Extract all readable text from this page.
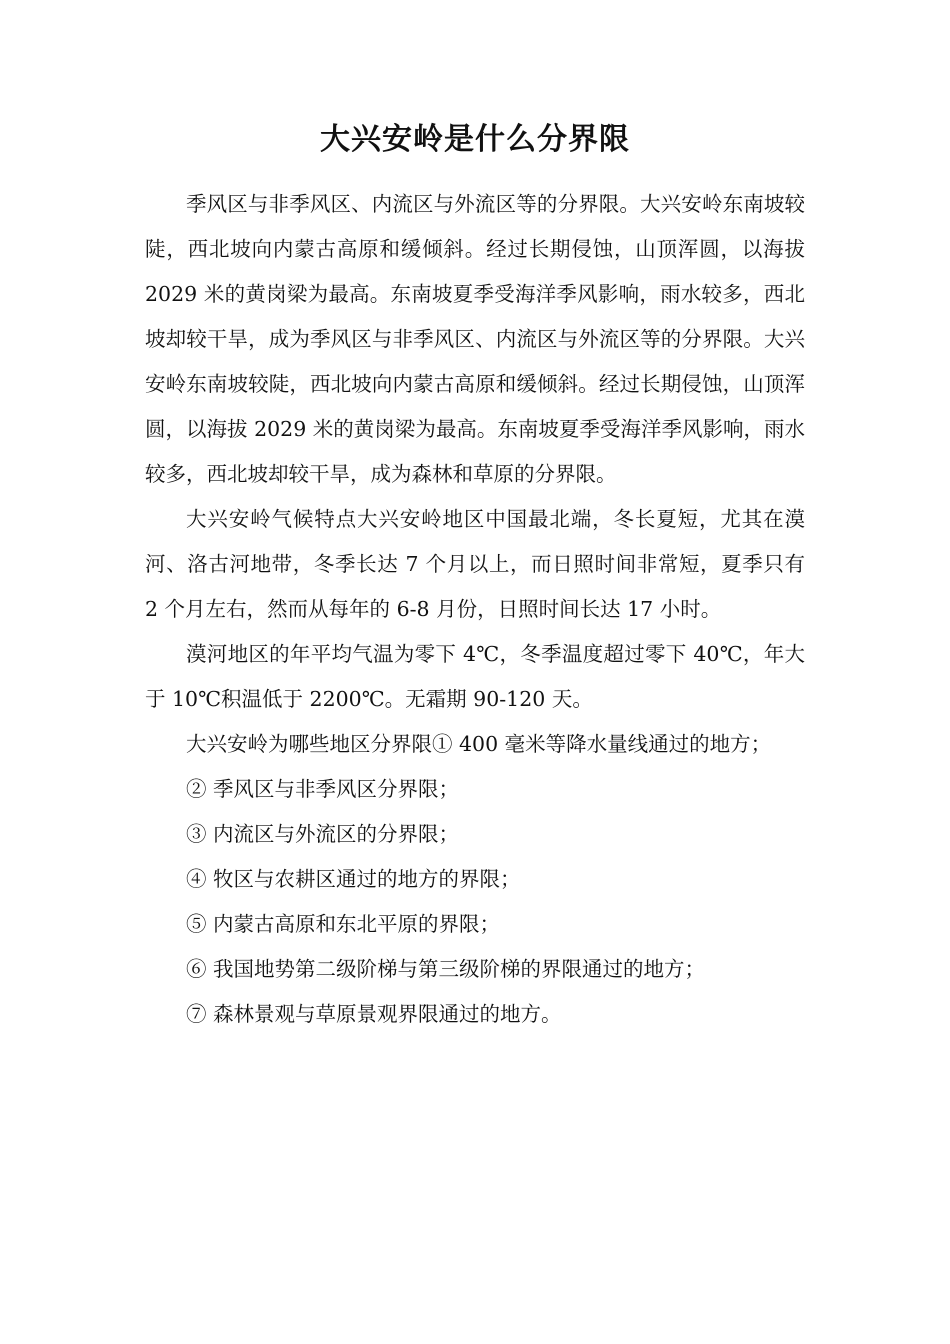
大兴安岭是什么分界限

季风区与非季风区、内流区与外流区等的分界限。大兴安岭东南坡较陡，西北坡向内蒙古高原和缓倾斜。经过长期侵蚀，山顶浑圆，以海拔 2029 米的黄岗梁为最高。东南坡夏季受海洋季风影响，雨水较多，西北坡却较干旱，成为季风区与非季风区、内流区与外流区等的分界限。大兴安岭东南坡较陡，西北坡向内蒙古高原和缓倾斜。经过长期侵蚀，山顶浑圆，以海拔 2029 米的黄岗梁为最高。东南坡夏季受海洋季风影响，雨水较多，西北坡却较干旱，成为森林和草原的分界限。

大兴安岭气候特点大兴安岭地区中国最北端，冬长夏短，尤其在漠河、洛古河地带，冬季长达 7 个月以上，而日照时间非常短，夏季只有 2 个月左右，然而从每年的 6-8 月份，日照时间长达 17 小时。

漠河地区的年平均气温为零下 4℃，冬季温度超过零下 40℃，年大于 10℃积温低于 2200℃。无霜期 90-120 天。

大兴安岭为哪些地区分界限① 400 毫米等降水量线通过的地方；
② 季风区与非季风区分界限；
③ 内流区与外流区的分界限；
④ 牧区与农耕区通过的地方的界限；
⑤ 内蒙古高原和东北平原的界限；
⑥ 我国地势第二级阶梯与第三级阶梯的界限通过的地方；
⑦ 森林景观与草原景观界限通过的地方。
